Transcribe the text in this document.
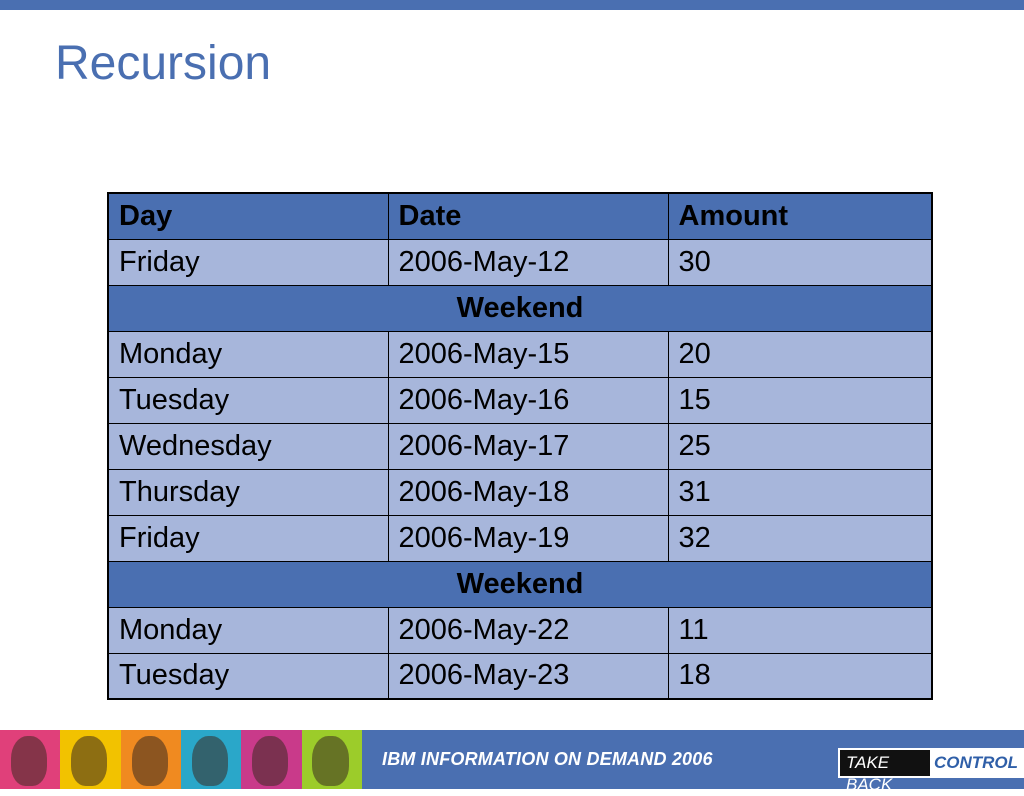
Recursion
Day	Date	Amount
Friday	2006-May-12	30
Weekend		
Monday	2006-May-15	20
Tuesday	2006-May-16	15
Wednesday	2006-May-17	25
Thursday	2006-May-18	31
Friday	2006-May-19	32
Weekend		
Monday	2006-May-22	11
Tuesday	2006-May-23	18
IBM INFORMATION ON DEMAND 2006	TAKE BACK
CONTROL
